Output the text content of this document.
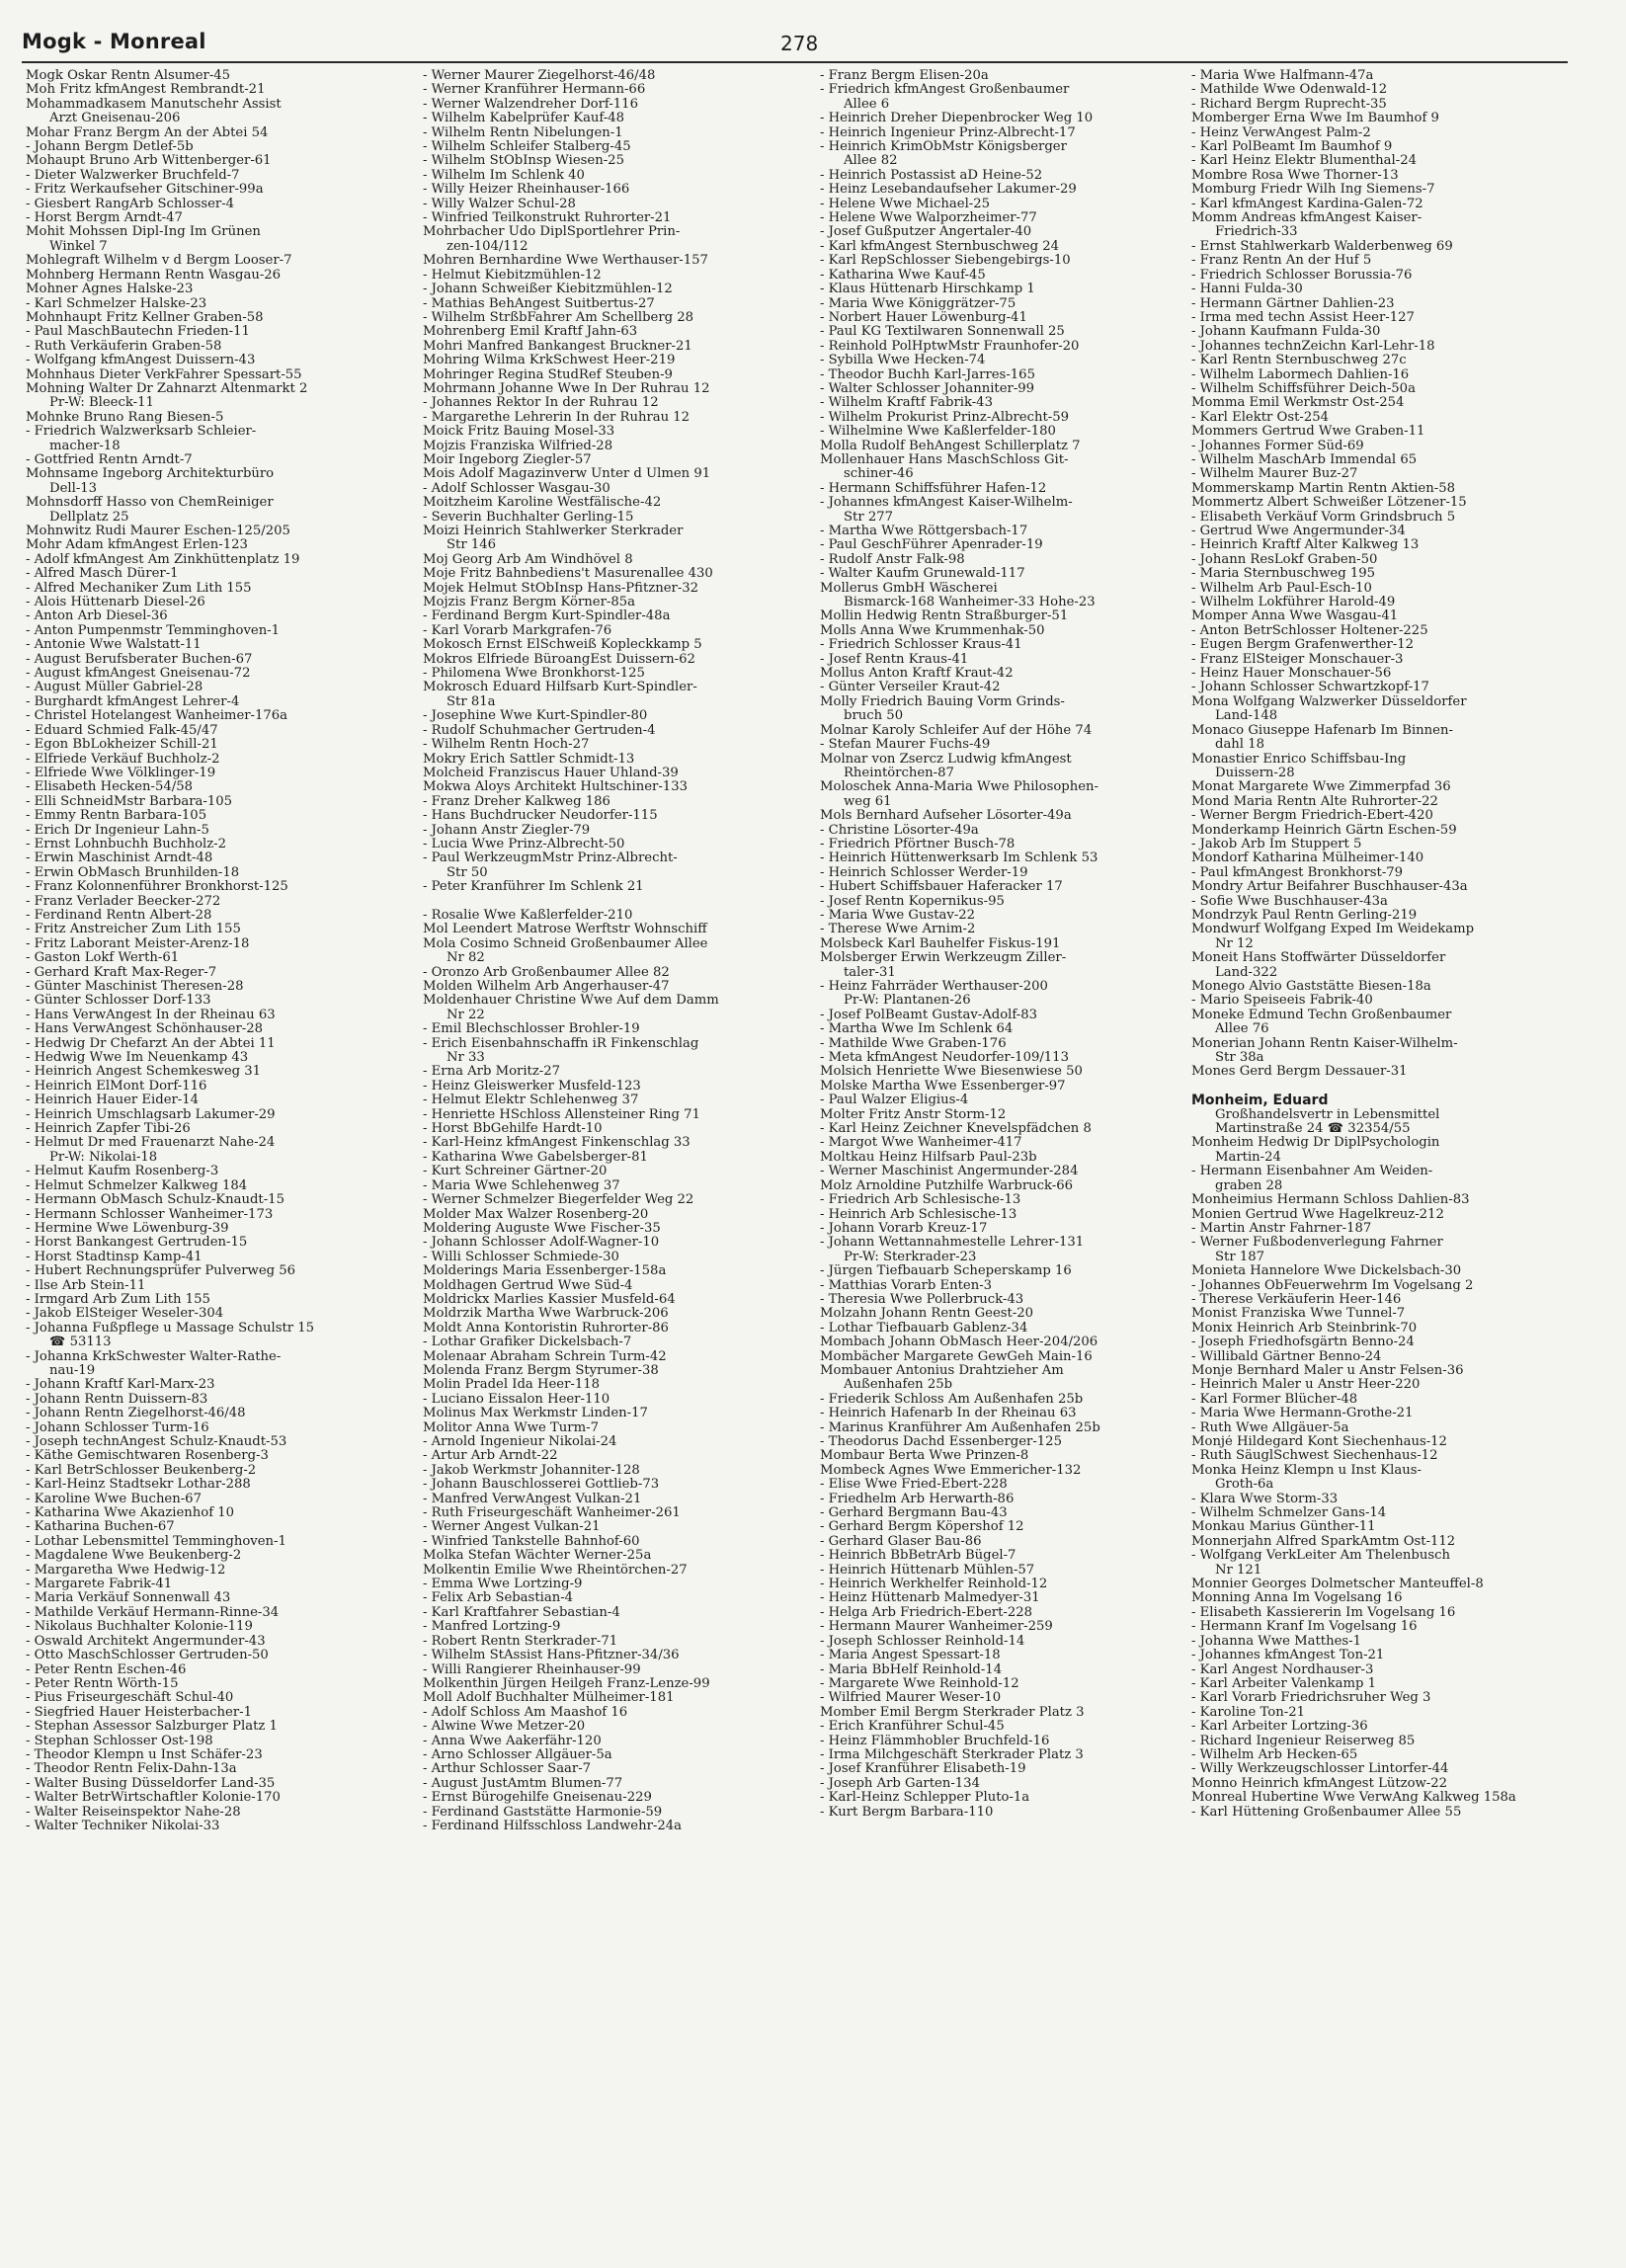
Mogk - Monreal	278
Mogk Oskar Rentn Alsumer-45
Moh Fritz kfmAngest Rembrandt-21
Mohammadkasem Manutschehr Assist
Arzt Gneisenau-206
Mohar Franz Bergm An der Abtei 54
- Johann Bergm Detlef-5b
Mohaupt Bruno Arb Wittenberger-61
- Dieter Walzwerker Bruchfeld-7
- Fritz Werkaufseher Gitschiner-99a
- Giesbert RangArb Schlosser-4
- Horst Bergm Arndt-47
Mohit Mohssen Dipl-Ing Im Grünen
Winkel 7
Mohlegraft Wilhelm v d Bergm Looser-7
Mohnberg Hermann Rentn Wasgau-26
Mohner Agnes Halske-23
- Karl Schmelzer Halske-23
Mohnhaupt Fritz Kellner Graben-58
- Paul MaschBautechn Frieden-11
- Ruth Verkäuferin Graben-58
- Wolfgang kfmAngest Duissern-43
Mohnhaus Dieter VerkFahrer Spessart-55
Mohning Walter Dr Zahnarzt Altenmarkt 2
Pr-W: Bleeck-11
Mohnke Bruno Rang Biesen-5
- Friedrich Walzwerksarb Schleier-
macher-18
- Gottfried Rentn Arndt-7
Mohnsame Ingeborg Architekturbüro
Dell-13
Mohnsdorff Hasso von ChemReiniger
Dellplatz 25
Mohnwitz Rudi Maurer Eschen-125/205
Mohr Adam kfmAngest Erlen-123
- Adolf kfmAngest Am Zinkhüttenplatz 19
- Alfred Masch Dürer-1
- Alfred Mechaniker Zum Lith 155
- Alois Hüttenarb Diesel-26
- Anton Arb Diesel-36
- Anton Pumpenmstr Temminghoven-1
- Antonie Wwe Walstatt-11
- August Berufsberater Buchen-67
- August kfmAngest Gneisenau-72
- August Müller Gabriel-28
- Burghardt kfmAngest Lehrer-4
- Christel Hotelangest Wanheimer-176a
- Eduard Schmied Falk-45/47
- Egon BbLokheizer Schill-21
- Elfriede Verkäuf Buchholz-2
- Elfriede Wwe Völklinger-19
- Elisabeth Hecken-54/58
- Elli SchneidMstr Barbara-105
- Emmy Rentn Barbara-105
- Erich Dr Ingenieur Lahn-5
- Ernst Lohnbuchh Buchholz-2
- Erwin Maschinist Arndt-48
- Erwin ObMasch Brunhilden-18
- Franz Kolonnenführer Bronkhorst-125
- Franz Verlader Beecker-272
- Ferdinand Rentn Albert-28
- Fritz Anstreicher Zum Lith 155
- Fritz Laborant Meister-Arenz-18
- Gaston Lokf Werth-61
- Gerhard Kraft Max-Reger-7
- Günter Maschinist Theresen-28
- Günter Schlosser Dorf-133
- Hans VerwAngest In der Rheinau 63
- Hans VerwAngest Schönhauser-28
- Hedwig Dr Chefarzt An der Abtei 11
- Hedwig Wwe Im Neuenkamp 43
- Heinrich Angest Schemkesweg 31
- Heinrich ElMont Dorf-116
- Heinrich Hauer Eider-14
- Heinrich Umschlagsarb Lakumer-29
- Heinrich Zapfer Tibi-26
- Helmut Dr med Frauenarzt Nahe-24
Pr-W: Nikolai-18
- Helmut Kaufm Rosenberg-3
- Helmut Schmelzer Kalkweg 184
- Hermann ObMasch Schulz-Knaudt-15
- Hermann Schlosser Wanheimer-173
- Hermine Wwe Löwenburg-39
- Horst Bankangest Gertruden-15
- Horst Stadtinsp Kamp-41
- Hubert Rechnungsprüfer Pulverweg 56
- Ilse Arb Stein-11
- Irmgard Arb Zum Lith 155
- Jakob ElSteiger Weseler-304
- Johanna Fußpflege u Massage Schulstr 15
☎ 53113
- Johanna KrkSchwester Walter-Rathe-
nau-19
- Johann Kraftf Karl-Marx-23
- Johann Rentn Duissern-83
- Johann Rentn Ziegelhorst-46/48
- Johann Schlosser Turm-16
- Joseph technAngest Schulz-Knaudt-53
- Käthe Gemischtwaren Rosenberg-3
- Karl BetrSchlosser Beukenberg-2
- Karl-Heinz Stadtsekr Lothar-288
- Karoline Wwe Buchen-67
- Katharina Wwe Akazienhof 10
- Katharina Buchen-67
- Lothar Lebensmittel Temminghoven-1
- Magdalene Wwe Beukenberg-2
- Margaretha Wwe Hedwig-12
- Margarete Fabrik-41
- Maria Verkäuf Sonnenwall 43
- Mathilde Verkäuf Hermann-Rinne-34
- Nikolaus Buchhalter Kolonie-119
- Oswald Architekt Angermunder-43
- Otto MaschSchlosser Gertruden-50
- Peter Rentn Eschen-46
- Peter Rentn Wörth-15
- Pius Friseurgeschäft Schul-40
- Siegfried Hauer Heisterbacher-1
- Stephan Assessor Salzburger Platz 1
- Stephan Schlosser Ost-198
- Theodor Klempn u Inst Schäfer-23
- Theodor Rentn Felix-Dahn-13a
- Walter Busing Düsseldorfer Land-35
- Walter BetrWirtschaftler Kolonie-170
- Walter Reiseinspektor Nahe-28
- Walter Techniker Nikolai-33
- Werner Maurer Ziegelhorst-46/48
- Werner Kranführer Hermann-66
- Werner Walzendreher Dorf-116
- Wilhelm Kabelprüfer Kauf-48
- Wilhelm Rentn Nibelungen-1
- Wilhelm Schleifer Stalberg-45
- Wilhelm StObInsp Wiesen-25
- Wilhelm Im Schlenk 40
- Willy Heizer Rheinhauser-166
- Willy Walzer Schul-28
- Winfried Teilkonstrukt Ruhrorter-21
Mohrbacher Udo DiplSportlehrer Prin-
zen-104/112
Mohren Bernhardine Wwe Werthauser-157
- Helmut Kiebitzmühlen-12
- Johann Schweißer Kiebitzmühlen-12
- Mathias BehAngest Suitbertus-27
- Wilhelm StrßbFahrer Am Schellberg 28
Mohrenberg Emil Kraftf Jahn-63
Mohri Manfred Bankangest Bruckner-21
Mohring Wilma KrkSchwest Heer-219
Mohringer Regina StudRef Steuben-9
Mohrmann Johanne Wwe In Der Ruhrau 12
- Johannes Rektor In der Ruhrau 12
- Margarethe Lehrerin In der Ruhrau 12
Moick Fritz Bauing Mosel-33
Mojzis Franziska Wilfried-28
Moir Ingeborg Ziegler-57
Mois Adolf Magazinverw Unter d Ulmen 91
- Adolf Schlosser Wasgau-30
Moitzheim Karoline Westfälische-42
- Severin Buchhalter Gerling-15
Moizi Heinrich Stahlwerker Sterkrader
Str 146
Moj Georg Arb Am Windhövel 8
Moje Fritz Bahnbediens't Masurenallee 430
Mojek Helmut StObInsp Hans-Pfitzner-32
Mojzis Franz Bergm Körner-85a
- Ferdinand Bergm Kurt-Spindler-48a
- Karl Vorarb Markgrafen-76
Mokosch Ernst ElSchweiß Kopleckkamp 5
Mokros Elfriede BüroangEst Duissern-62
- Philomena Wwe Bronkhorst-125
Mokrosch Eduard Hilfsarb Kurt-Spindler-
Str 81a
- Josephine Wwe Kurt-Spindler-80
- Rudolf Schuhmacher Gertruden-4
- Wilhelm Rentn Hoch-27
Mokry Erich Sattler Schmidt-13
Molcheid Franziscus Hauer Uhland-39
Mokwa Aloys Architekt Hultschiner-133
- Franz Dreher Kalkweg 186
- Hans Buchdrucker Neudorfer-115
- Johann Anstr Ziegler-79
- Lucia Wwe Prinz-Albrecht-50
- Paul WerkzeugmMstr Prinz-Albrecht-
Str 50
- Peter Kranführer Im Schlenk 21

- Rosalie Wwe Kaßlerfelder-210
Mol Leendert Matrose Werftstr Wohnschiff
Mola Cosimo Schneid Großenbaumer Allee
Nr 82
- Oronzo Arb Großenbaumer Allee 82
Molden Wilhelm Arb Angerhauser-47
Moldenhauer Christine Wwe Auf dem Damm
Nr 22
- Emil Blechschlosser Brohler-19
- Erich Eisenbahnschaffn iR Finkenschlag
Nr 33
- Erna Arb Moritz-27
- Heinz Gleiswerker Musfeld-123
- Helmut Elektr Schlehenweg 37
- Henriette HSchloss Allensteiner Ring 71
- Horst BbGehilfe Hardt-10
- Karl-Heinz kfmAngest Finkenschlag 33
- Katharina Wwe Gabelsberger-81
- Kurt Schreiner Gärtner-20
- Maria Wwe Schlehenweg 37
- Werner Schmelzer Biegerfelder Weg 22
Molder Max Walzer Rosenberg-20
Moldering Auguste Wwe Fischer-35
- Johann Schlosser Adolf-Wagner-10
- Willi Schlosser Schmiede-30
Molderings Maria Essenberger-158a
Moldhagen Gertrud Wwe Süd-4
Moldrickx Marlies Kassier Musfeld-64
Moldrzik Martha Wwe Warbruck-206
Moldt Anna Kontoristin Ruhrorter-86
- Lothar Grafiker Dickelsbach-7
Molenaar Abraham Schrein Turm-42
Molenda Franz Bergm Styrumer-38
Molin Pradel Ida Heer-118
- Luciano Eissalon Heer-110
Molinus Max Werkmstr Linden-17
Molitor Anna Wwe Turm-7
- Arnold Ingenieur Nikolai-24
- Artur Arb Arndt-22
- Jakob Werkmstr Johanniter-128
- Johann Bauschlosserei Gottlieb-73
- Manfred VerwAngest Vulkan-21
- Ruth Friseurgeschäft Wanheimer-261
- Werner Angest Vulkan-21
- Winfried Tankstelle Bahnhof-60
Molka Stefan Wächter Werner-25a
Molkentin Emilie Wwe Rheintörchen-27
- Emma Wwe Lortzing-9
- Felix Arb Sebastian-4
- Karl Kraftfahrer Sebastian-4
- Manfred Lortzing-9
- Robert Rentn Sterkrader-71
- Wilhelm StAssist Hans-Pfitzner-34/36
- Willi Rangierer Rheinhauser-99
Molkenthin Jürgen Heilgeh Franz-Lenze-99
Moll Adolf Buchhalter Mülheimer-181
- Adolf Schloss Am Maashof 16
- Alwine Wwe Metzer-20
- Anna Wwe Aakerfähr-120
- Arno Schlosser Allgäuer-5a
- Arthur Schlosser Saar-7
- August JustAmtm Blumen-77
- Ernst Bürogehilfe Gneisenau-229
- Ferdinand Gaststätte Harmonie-59
- Ferdinand Hilfsschloss Landwehr-24a
- Franz Bergm Elisen-20a
- Friedrich kfmAngest Großenbaumer
Allee 6
- Heinrich Dreher Diepenbrocker Weg 10
- Heinrich Ingenieur Prinz-Albrecht-17
- Heinrich KrimObMstr Königsberger
Allee 82
- Heinrich Postassist aD Heine-52
- Heinz Lesebandaufseher Lakumer-29
- Helene Wwe Michael-25
- Helene Wwe Walporzheimer-77
- Josef Gußputzer Angertaler-40
- Karl kfmAngest Sternbuschweg 24
- Karl RepSchlosser Siebengebirgs-10
- Katharina Wwe Kauf-45
- Klaus Hüttenarb Hirschkamp 1
- Maria Wwe Königgrätzer-75
- Norbert Hauer Löwenburg-41
- Paul KG Textilwaren Sonnenwall 25
- Reinhold PolHptwMstr Fraunhofer-20
- Sybilla Wwe Hecken-74
- Theodor Buchh Karl-Jarres-165
- Walter Schlosser Johanniter-99
- Wilhelm Kraftf Fabrik-43
- Wilhelm Prokurist Prinz-Albrecht-59
- Wilhelmine Wwe Kaßlerfelder-180
Molla Rudolf BehAngest Schillerplatz 7
Mollenhauer Hans MaschSchloss Git-
schiner-46
- Hermann Schiffsführer Hafen-12
- Johannes kfmAngest Kaiser-Wilhelm-
Str 277
- Martha Wwe Röttgersbach-17
- Paul GeschFührer Apenrader-19
- Rudolf Anstr Falk-98
- Walter Kaufm Grunewald-117
Mollerus GmbH Wäscherei
Bismarck-168 Wanheimer-33 Hohe-23
Mollin Hedwig Rentn Straßburger-51
Molls Anna Wwe Krummenhak-50
- Friedrich Schlosser Kraus-41
- Josef Rentn Kraus-41
Mollus Anton Kraftf Kraut-42
- Günter Verseiler Kraut-42
Molly Friedrich Bauing Vorm Grinds-
bruch 50
Molnar Karoly Schleifer Auf der Höhe 74
- Stefan Maurer Fuchs-49
Molnar von Zsercz Ludwig kfmAngest
Rheintörchen-87
Moloschek Anna-Maria Wwe Philosophen-
weg 61
Mols Bernhard Aufseher Lösorter-49a
- Christine Lösorter-49a
- Friedrich Pförtner Busch-78
- Heinrich Hüttenwerksarb Im Schlenk 53
- Heinrich Schlosser Werder-19
- Hubert Schiffsbauer Haferacker 17
- Josef Rentn Kopernikus-95
- Maria Wwe Gustav-22
- Therese Wwe Arnim-2
Molsbeck Karl Bauhelfer Fiskus-191
Molsberger Erwin Werkzeugm Ziller-
taler-31
- Heinz Fahrräder Werthauser-200
Pr-W: Plantanen-26
- Josef PolBeamt Gustav-Adolf-83
- Martha Wwe Im Schlenk 64
- Mathilde Wwe Graben-176
- Meta kfmAngest Neudorfer-109/113
Molsich Henriette Wwe Biesenwiese 50
Molske Martha Wwe Essenberger-97
- Paul Walzer Eligius-4
Molter Fritz Anstr Storm-12
- Karl Heinz Zeichner Knevelspfädchen 8
- Margot Wwe Wanheimer-417
Moltkau Heinz Hilfsarb Paul-23b
- Werner Maschinist Angermunder-284
Molz Arnoldine Putzhilfe Warbruck-66
- Friedrich Arb Schlesische-13
- Heinrich Arb Schlesische-13
- Johann Vorarb Kreuz-17
- Johann Wettannahmestelle Lehrer-131
Pr-W: Sterkrader-23
- Jürgen Tiefbauarb Scheperskamp 16
- Matthias Vorarb Enten-3
- Theresia Wwe Pollerbruck-43
Molzahn Johann Rentn Geest-20
- Lothar Tiefbauarb Gablenz-34
Mombach Johann ObMasch Heer-204/206
Mombächer Margarete GewGeh Main-16
Mombauer Antonius Drahtzieher Am
Außenhafen 25b
- Friederik Schloss Am Außenhafen 25b
- Heinrich Hafenarb In der Rheinau 63
- Marinus Kranführer Am Außenhafen 25b
- Theodorus Dachd Essenberger-125
Mombaur Berta Wwe Prinzen-8
Mombeck Agnes Wwe Emmericher-132
- Elise Wwe Fried-Ebert-228
- Friedhelm Arb Herwarth-86
- Gerhard Bergmann Bau-43
- Gerhard Bergm Köpershof 12
- Gerhard Glaser Bau-86
- Heinrich BbBetrArb Bügel-7
- Heinrich Hüttenarb Mühlen-57
- Heinrich Werkhelfer Reinhold-12
- Heinz Hüttenarb Malmedyer-31
- Helga Arb Friedrich-Ebert-228
- Hermann Maurer Wanheimer-259
- Joseph Schlosser Reinhold-14
- Maria Angest Spessart-18
- Maria BbHelf Reinhold-14
- Margarete Wwe Reinhold-12
- Wilfried Maurer Weser-10
Momber Emil Bergm Sterkrader Platz 3
- Erich Kranführer Schul-45
- Heinz Flämmhobler Bruchfeld-16
- Irma Milchgeschäft Sterkrader Platz 3
- Josef Kranführer Elisabeth-19
- Joseph Arb Garten-134
- Karl-Heinz Schlepper Pluto-1a
- Kurt Bergm Barbara-110
- Maria Wwe Halfmann-47a
- Mathilde Wwe Odenwald-12
- Richard Bergm Ruprecht-35
Momberger Erna Wwe Im Baumhof 9
- Heinz VerwAngest Palm-2
- Karl PolBeamt Im Baumhof 9
- Karl Heinz Elektr Blumenthal-24
Mombre Rosa Wwe Thorner-13
Momburg Friedr Wilh Ing Siemens-7
- Karl kfmAngest Kardina-Galen-72
Momm Andreas kfmAngest Kaiser-
Friedrich-33
- Ernst Stahlwerkarb Walderbenweg 69
- Franz Rentn An der Huf 5
- Friedrich Schlosser Borussia-76
- Hanni Fulda-30
- Hermann Gärtner Dahlien-23
- Irma med techn Assist Heer-127
- Johann Kaufmann Fulda-30
- Johannes technZeichn Karl-Lehr-18
- Karl Rentn Sternbuschweg 27c
- Wilhelm Labormech Dahlien-16
- Wilhelm Schiffsführer Deich-50a
Momma Emil Werkmstr Ost-254
- Karl Elektr Ost-254
Mommers Gertrud Wwe Graben-11
- Johannes Former Süd-69
- Wilhelm MaschArb Immendal 65
- Wilhelm Maurer Buz-27
Mommerskamp Martin Rentn Aktien-58
Mommertz Albert Schweißer Lötzener-15
- Elisabeth Verkäuf Vorm Grindsbruch 5
- Gertrud Wwe Angermunder-34
- Heinrich Kraftf Alter Kalkweg 13
- Johann ResLokf Graben-50
- Maria Sternbuschweg 195
- Wilhelm Arb Paul-Esch-10
- Wilhelm Lokführer Harold-49
Momper Anna Wwe Wasgau-41
- Anton BetrSchlosser Holtener-225
- Eugen Bergm Grafenwerther-12
- Franz ElSteiger Monschauer-3
- Heinz Hauer Monschauer-56
- Johann Schlosser Schwartzkopf-17
Mona Wolfgang Walzwerker Düsseldorfer
Land-148
Monaco Giuseppe Hafenarb Im Binnen-
dahl 18
Monastier Enrico Schiffsbau-Ing
Duissern-28
Monat Margarete Wwe Zimmerpfad 36
Mond Maria Rentn Alte Ruhrorter-22
- Werner Bergm Friedrich-Ebert-420
Monderkamp Heinrich Gärtn Eschen-59
- Jakob Arb Im Stuppert 5
Mondorf Katharina Mülheimer-140
- Paul kfmAngest Bronkhorst-79
Mondry Artur Beifahrer Buschhauser-43a
- Sofie Wwe Buschhauser-43a
Mondrzyk Paul Rentn Gerling-219
Mondwurf Wolfgang Exped Im Weidekamp
Nr 12
Moneit Hans Stoffwärter Düsseldorfer
Land-322
Monego Alvio Gaststätte Biesen-18a
- Mario Speiseeis Fabrik-40
Moneke Edmund Techn Großenbaumer
Allee 76
Monerian Johann Rentn Kaiser-Wilhelm-
Str 38a
Mones Gerd Bergm Dessauer-31

Monheim, Eduard
Großhandelsvertr in Lebensmittel
Martinstraße 24 ☎ 32354/55
Monheim Hedwig Dr DiplPsychologin
Martin-24
- Hermann Eisenbahner Am Weiden-
graben 28
Monheimius Hermann Schloss Dahlien-83
Monien Gertrud Wwe Hagelkreuz-212
- Martin Anstr Fahrner-187
- Werner Fußbodenverlegung Fahrner
Str 187
Monieta Hannelore Wwe Dickelsbach-30
- Johannes ObFeuerwehrm Im Vogelsang 2
- Therese Verkäuferin Heer-146
Monist Franziska Wwe Tunnel-7
Monix Heinrich Arb Steinbrink-70
- Joseph Friedhofsgärtn Benno-24
- Willibald Gärtner Benno-24
Monje Bernhard Maler u Anstr Felsen-36
- Heinrich Maler u Anstr Heer-220
- Karl Former Blücher-48
- Maria Wwe Hermann-Grothe-21
- Ruth Wwe Allgäuer-5a
Monjé Hildegard Kont Siechenhaus-12
- Ruth SäuglSchwest Siechenhaus-12
Monka Heinz Klempn u Inst Klaus-
Groth-6a
- Klara Wwe Storm-33
- Wilhelm Schmelzer Gans-14
Monkau Marius Günther-11
Monnerjahn Alfred SparkAmtm Ost-112
- Wolfgang VerkLeiter Am Thelenbusch
Nr 121
Monnier Georges Dolmetscher Manteuffel-8
Monning Anna Im Vogelsang 16
- Elisabeth Kassiererin Im Vogelsang 16
- Hermann Kranf Im Vogelsang 16
- Johanna Wwe Matthes-1
- Johannes kfmAngest Ton-21
- Karl Angest Nordhauser-3
- Karl Arbeiter Valenkamp 1
- Karl Vorarb Friedrichsruher Weg 3
- Karoline Ton-21
- Karl Arbeiter Lortzing-36
- Richard Ingenieur Reiserweg 85
- Wilhelm Arb Hecken-65
- Willy Werkzeugschlosser Lintorfer-44
Monno Heinrich kfmAngest Lützow-22
Monreal Hubertine Wwe VerwAng Kalkweg 158a
- Karl Hüttening Großenbaumer Allee 55
